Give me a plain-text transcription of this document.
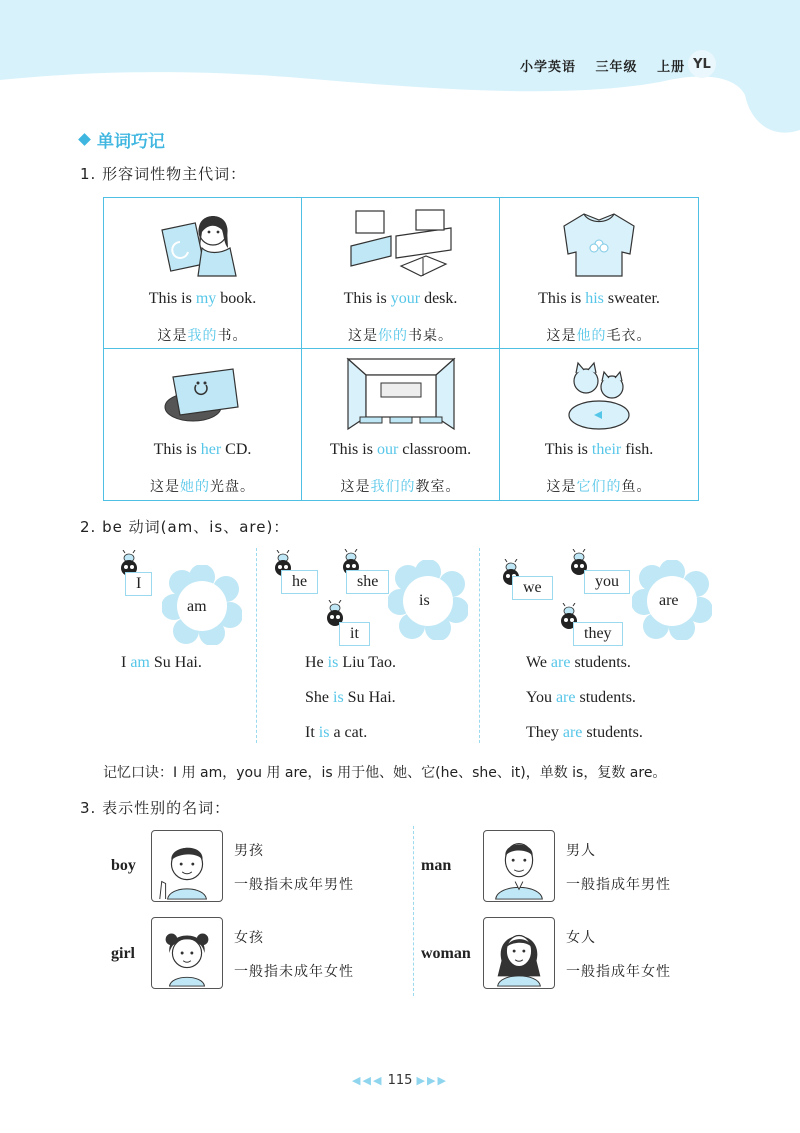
小学英语 三年级 上册 YL
单词巧记
1. 形容词性物主代词：
This is my book.
这是我的书。
This is your desk.
这是你的书桌。
This is his sweater.
这是他的毛衣。
This is her CD.
这是她的光盘。
This is our classroom.
这是我们的教室。
This is their fish.
这是它们的鱼。
2. be 动词(am、is、are)：
am	is	are
I	he	she
it
we	you
they
I am Su Hai.	He is Liu Tao.
She is Su Hai.
It is a cat.
We are students.
You are students.
They are students.
记忆口诀：I 用 am，you 用 are，is 用于他、她、它(he、she、it)，单数 is，复数 are。
3. 表示性别的名词：
boy
男孩
一般指未成年男性
man
男人
一般指成年男性
girl
女孩
一般指未成年女性
woman
女人
一般指成年女性
◀◀◀ 115 ▶▶▶
